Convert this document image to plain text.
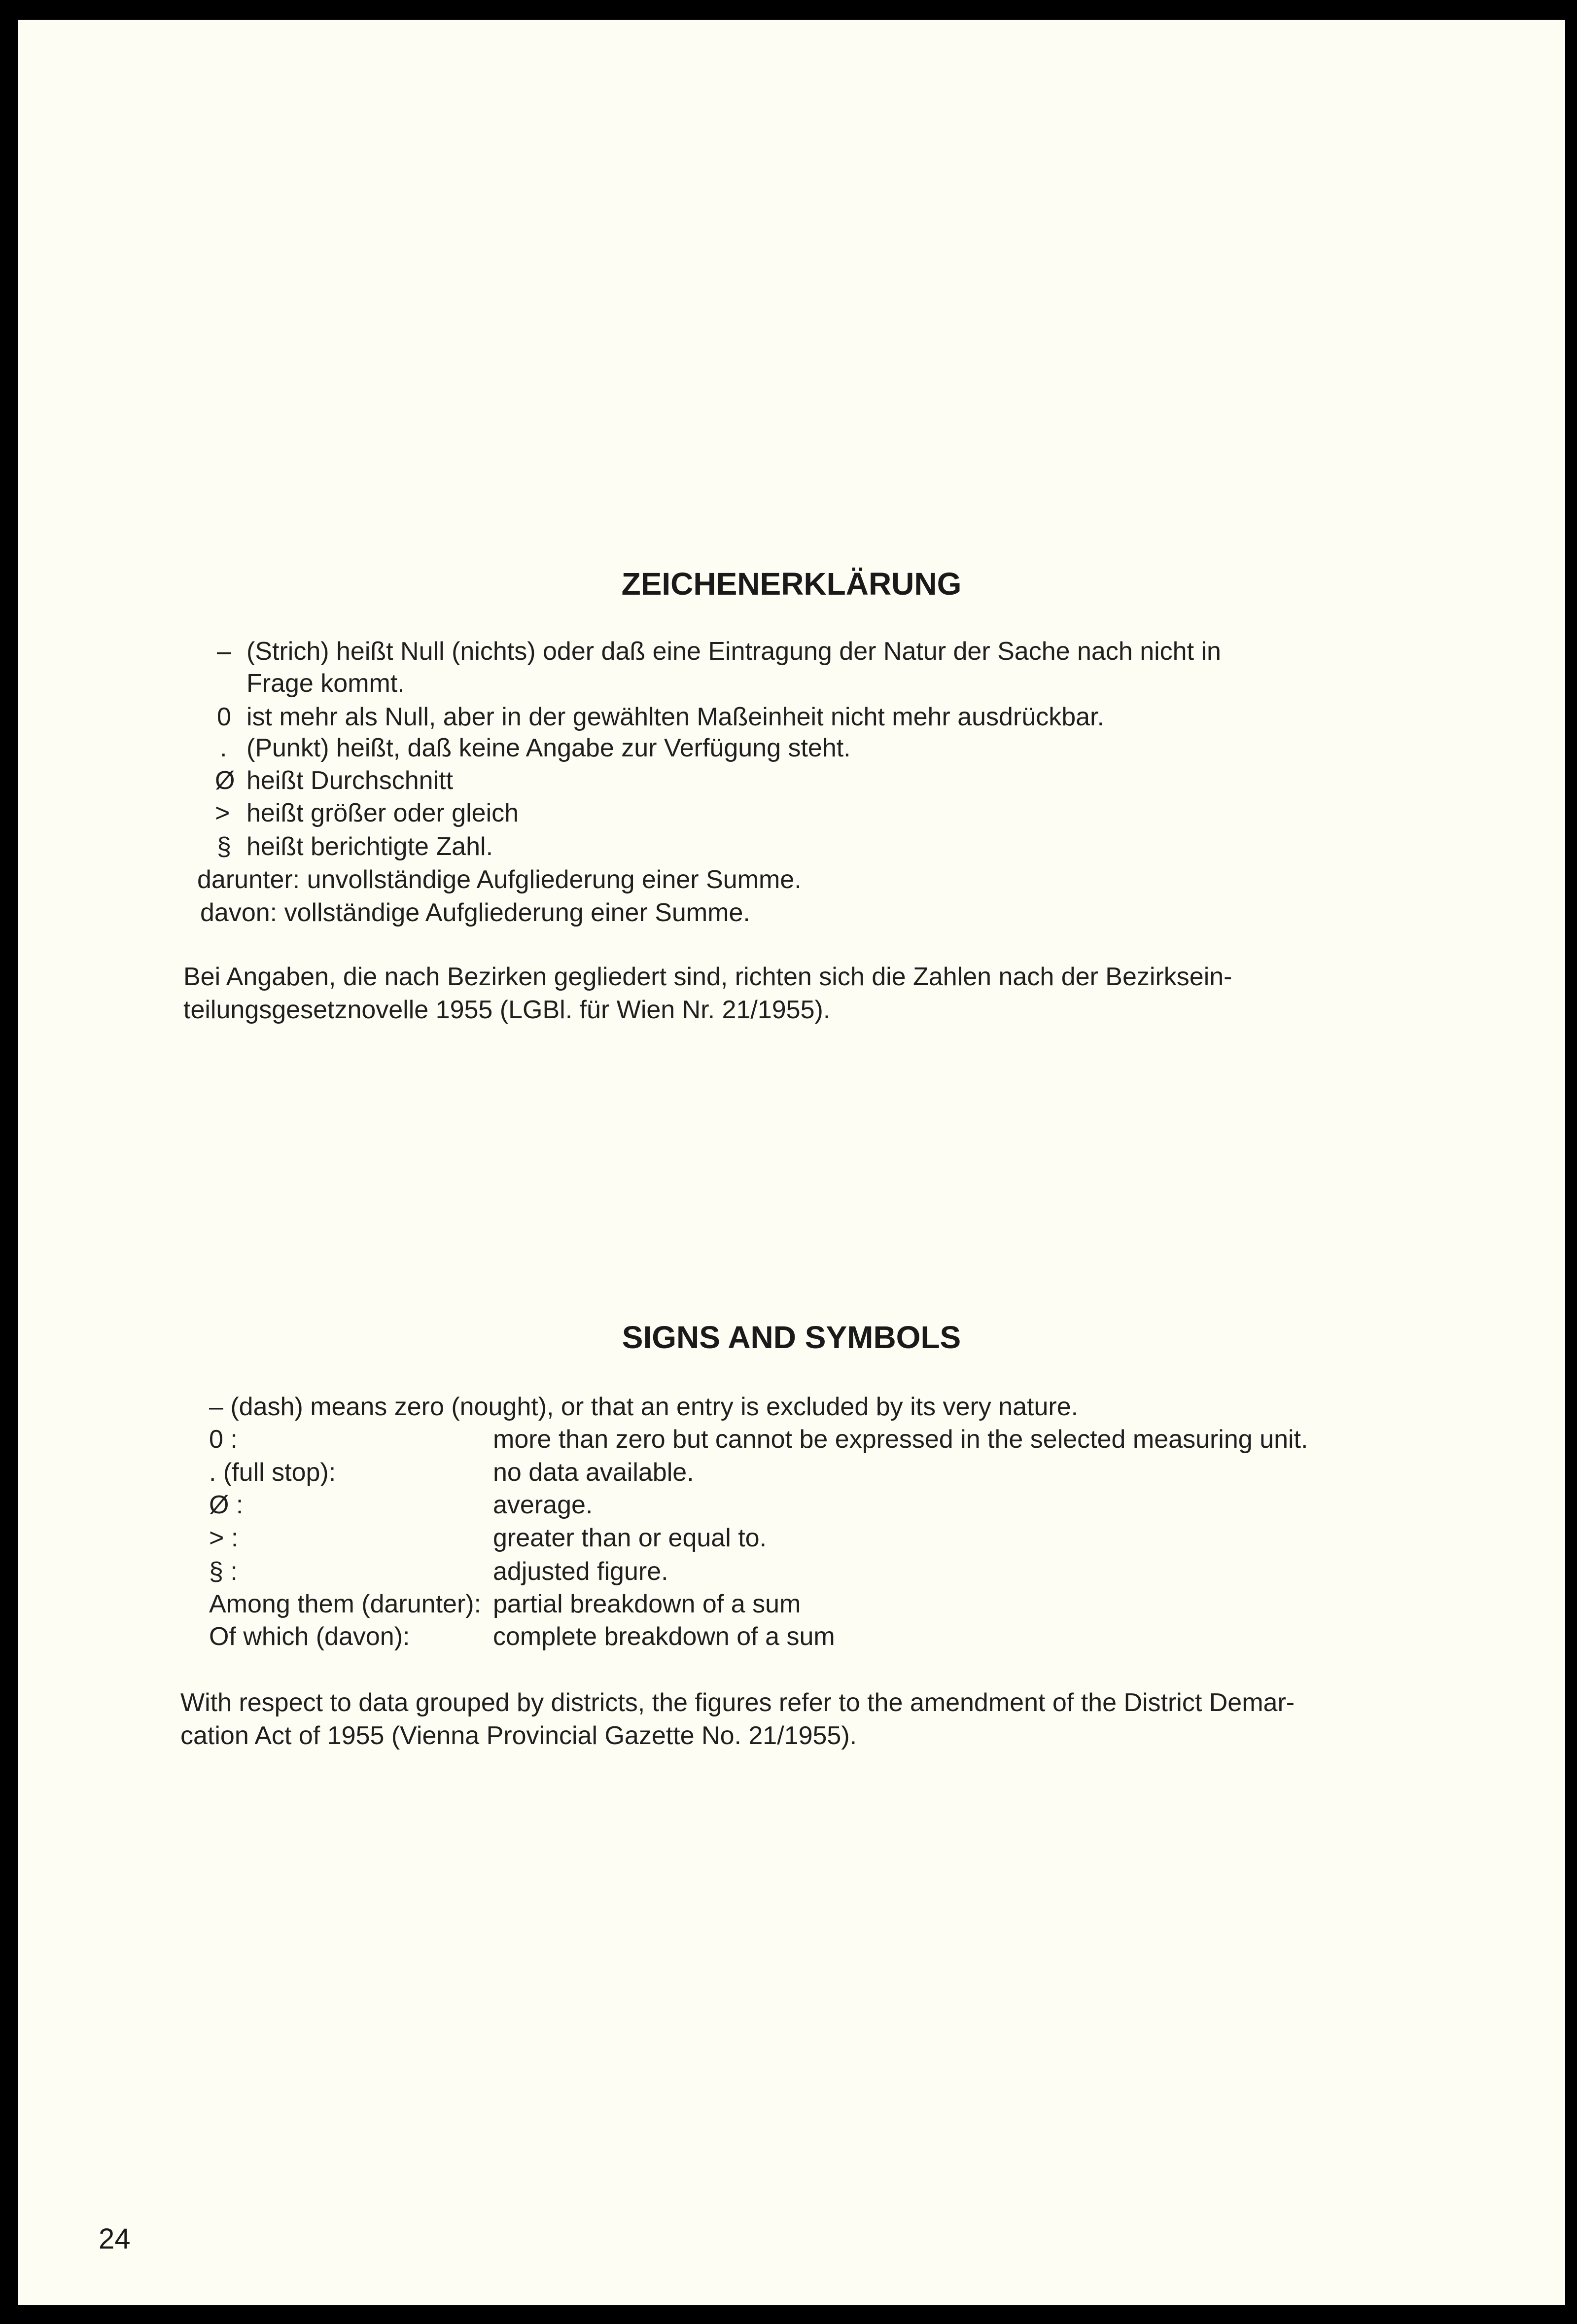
ZEICHENERKLÄRUNG
– (Strich) heißt Null (nichts) oder daß eine Eintragung der Natur der Sache nach nicht in
Frage kommt.
0 ist mehr als Null, aber in der gewählten Maßeinheit nicht mehr ausdrückbar.
. (Punkt) heißt, daß keine Angabe zur Verfügung steht.
Ø heißt Durchschnitt
> heißt größer oder gleich
§ heißt berichtigte Zahl.
darunter: unvollständige Aufgliederung einer Summe.
davon: vollständige Aufgliederung einer Summe.
Bei Angaben, die nach Bezirken gegliedert sind, richten sich die Zahlen nach der Bezirksein-
teilungsgesetznovelle 1955 (LGBl. für Wien Nr. 21/1955).
SIGNS AND SYMBOLS
– (dash) means zero (nought), or that an entry is excluded by its very nature.
0 :	more than zero but cannot be expressed in the selected measuring unit.
. (full stop):	no data available.
Ø :	average.
> :	greater than or equal to.
§ :	adjusted figure.
Among them (darunter): partial breakdown of a sum
Of which (davon):	complete breakdown of a sum
With respect to data grouped by districts, the figures refer to the amendment of the District Demar-
cation Act of 1955 (Vienna Provincial Gazette No. 21/1955).
24
